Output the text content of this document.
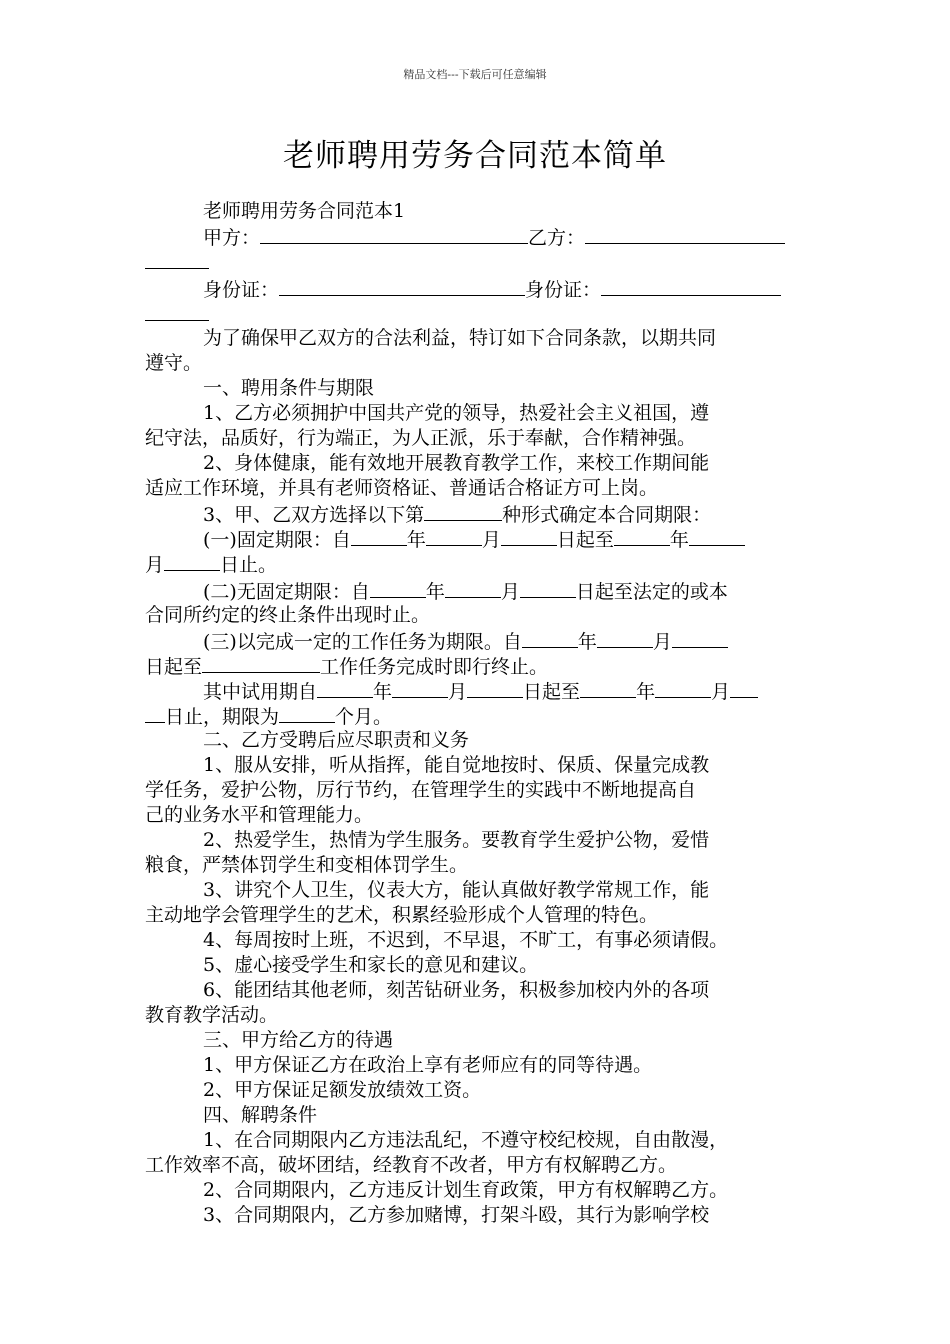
精品文档---下载后可任意编辑
老师聘用劳务合同范本简单
老师聘用劳务合同范本1
甲方：	乙方：
身份证：	身份证：
为了确保甲乙双方的合法利益，特订如下合同条款，以期共同
遵守。
一、聘用条件与期限
1、乙方必须拥护中国共产党的领导，热爱社会主义祖国，遵
纪守法，品质好，行为端正，为人正派，乐于奉献，合作精神强。
2、身体健康，能有效地开展教育教学工作，来校工作期间能
适应工作环境，并具有老师资格证、普通话合格证方可上岗。
3、甲、乙双方选择以下第	种形式确定本合同期限：
(一)固定期限：自	年	月	日起至	年
月	日止。
(二)无固定期限：自	年	月	日起至法定的或本
合同所约定的终止条件出现时止。
(三)以完成一定的工作任务为期限。自	年	月
日起至	工作任务完成时即行终止。
其中试用期自	年	月	日起至	年	月
日止，期限为	个月。
二、乙方受聘后应尽职责和义务
1、服从安排，听从指挥，能自觉地按时、保质、保量完成教
学任务，爱护公物，厉行节约，在管理学生的实践中不断地提高自
己的业务水平和管理能力。
2、热爱学生，热情为学生服务。要教育学生爱护公物，爱惜
粮食，严禁体罚学生和变相体罚学生。
3、讲究个人卫生，仪表大方，能认真做好教学常规工作，能
主动地学会管理学生的艺术，积累经验形成个人管理的特色。
4、每周按时上班，不迟到，不早退，不旷工，有事必须请假。
5、虚心接受学生和家长的意见和建议。
6、能团结其他老师，刻苦钻研业务，积极参加校内外的各项
教育教学活动。
三、甲方给乙方的待遇
1、甲方保证乙方在政治上享有老师应有的同等待遇。
2、甲方保证足额发放绩效工资。
四、解聘条件
1、在合同期限内乙方违法乱纪，不遵守校纪校规，自由散漫，
工作效率不高，破坏团结，经教育不改者，甲方有权解聘乙方。
2、合同期限内，乙方违反计划生育政策，甲方有权解聘乙方。
3、合同期限内，乙方参加赌博，打架斗殴，其行为影响学校
